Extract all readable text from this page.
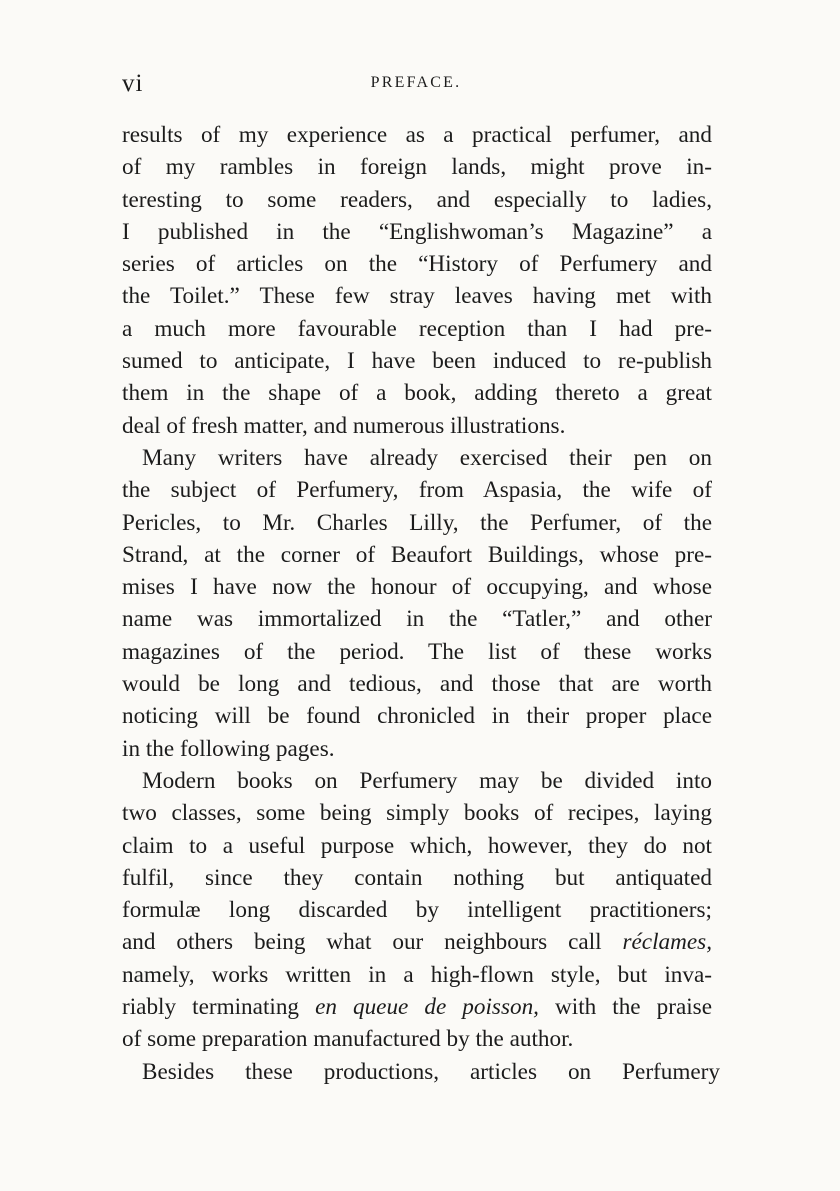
vi	PREFACE.
results of my experience as a practical perfumer, and
of my rambles in foreign lands, might prove in-
teresting to some readers, and especially to ladies,
I published in the “Englishwoman’s Magazine” a
series of articles on the “History of Perfumery and
the Toilet.” These few stray leaves having met with
a much more favourable reception than I had pre-
sumed to anticipate, I have been induced to re-publish
them in the shape of a book, adding thereto a great
deal of fresh matter, and numerous illustrations.
Many writers have already exercised their pen on
the subject of Perfumery, from Aspasia, the wife of
Pericles, to Mr. Charles Lilly, the Perfumer, of the
Strand, at the corner of Beaufort Buildings, whose pre-
mises I have now the honour of occupying, and whose
name was immortalized in the “Tatler,” and other
magazines of the period. The list of these works
would be long and tedious, and those that are worth
noticing will be found chronicled in their proper place
in the following pages.
Modern books on Perfumery may be divided into
two classes, some being simply books of recipes, laying
claim to a useful purpose which, however, they do not
fulfil, since they contain nothing but antiquated
formulæ long discarded by intelligent practitioners;
and others being what our neighbours call réclames,
namely, works written in a high-flown style, but inva-
riably terminating en queue de poisson, with the praise
of some preparation manufactured by the author.
Besides these productions, articles on Perfumery
